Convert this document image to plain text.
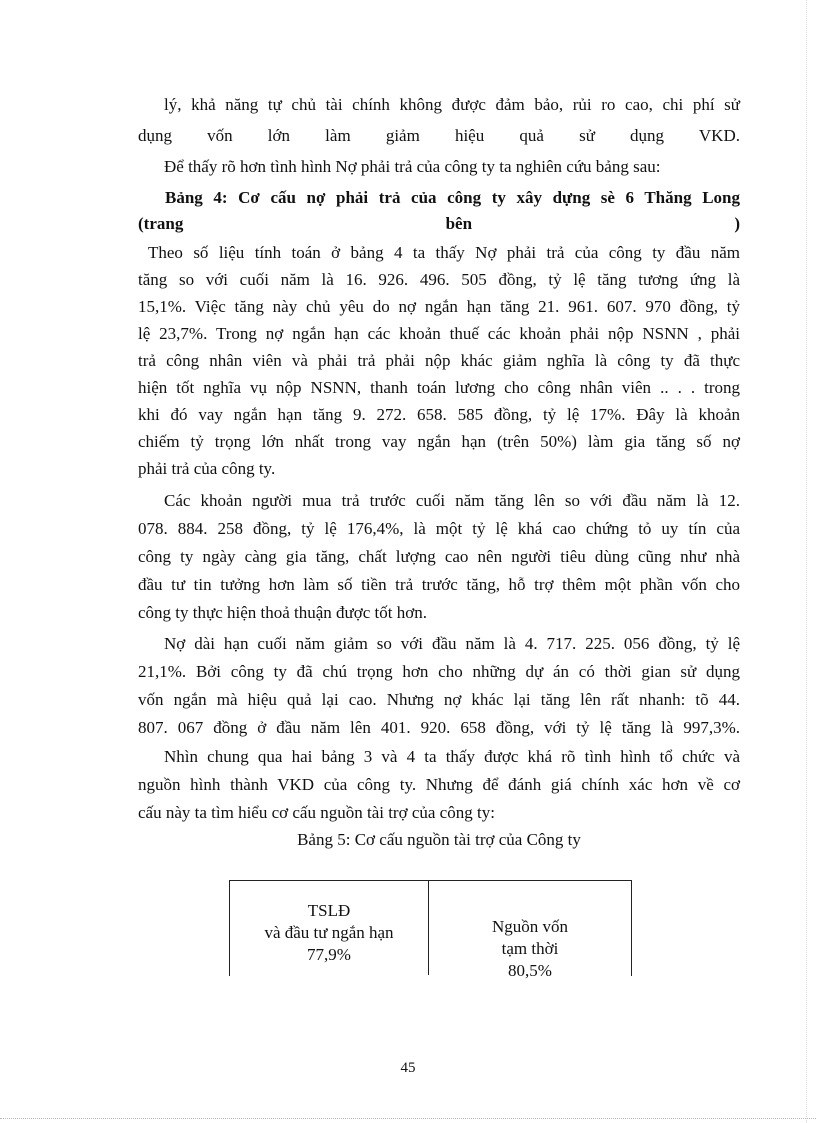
lý, khả năng tự chủ tài chính không được đảm bảo, rủi ro cao, chi phí sử
dụng vốn lớn làm giảm hiệu quả sử dụng VKD.
Để thấy rõ hơn tình hình Nợ phải trả của công ty ta nghiên cứu bảng sau:
Bảng 4: Cơ cấu nợ phải trả của công ty xây dựng sè 6 Thăng Long
(trang bên )
Theo số liệu tính toán ở bảng 4 ta thấy Nợ phải trả của công ty đầu năm
tăng so với cuối năm là 16. 926. 496. 505 đồng, tỷ lệ tăng tương ứng là
15,1%. Việc tăng này chủ yêu do nợ ngắn hạn tăng 21. 961. 607. 970 đồng, tỷ
lệ 23,7%. Trong nợ ngắn hạn các khoản thuế các khoản phải nộp NSNN , phải
trả công nhân viên và phải trả phải nộp khác giảm nghĩa là công ty đã thực
hiện tốt nghĩa vụ nộp NSNN, thanh toán lương cho công nhân viên .. . . trong
khi đó vay ngắn hạn tăng 9. 272. 658. 585 đồng, tỷ lệ 17%. Đây là khoản
chiếm tỷ trọng lớn nhất trong vay ngắn hạn (trên 50%) làm gia tăng số nợ
phải trả của công ty.
Các khoản người mua trả trước cuối năm tăng lên so với đầu năm là 12.
078. 884. 258 đồng, tỷ lệ 176,4%, là một tỷ lệ khá cao chứng tỏ uy tín của
công ty ngày càng gia tăng, chất lượng cao nên người tiêu dùng cũng như nhà
đầu tư tin tưởng hơn làm số tiền trả trước tăng, hỗ trợ thêm một phần vốn cho
công ty thực hiện thoả thuận được tốt hơn.
Nợ dài hạn cuối năm giảm so với đầu năm là 4. 717. 225. 056 đồng, tỷ lệ
21,1%. Bởi công ty đã chú trọng hơn cho những dự án có thời gian sử dụng
vốn ngắn mà hiệu quả lại cao. Nhưng nợ khác lại tăng lên rất nhanh: tõ 44.
807. 067 đồng ở đầu năm lên 401. 920. 658 đồng, với tỷ lệ tăng là 997,3%.
Nhìn chung qua hai bảng 3 và 4 ta thấy được khá rõ tình hình tổ chức và
nguồn hình thành VKD của công ty. Nhưng để đánh giá chính xác hơn về cơ
cấu này ta tìm hiểu cơ cấu nguồn tài trợ của công ty:
Bảng 5: Cơ cấu nguồn tài trợ của Công ty
TSLĐ
và đầu tư ngắn hạn
77,9%
Nguồn vốn
tạm thời
80,5%
45
